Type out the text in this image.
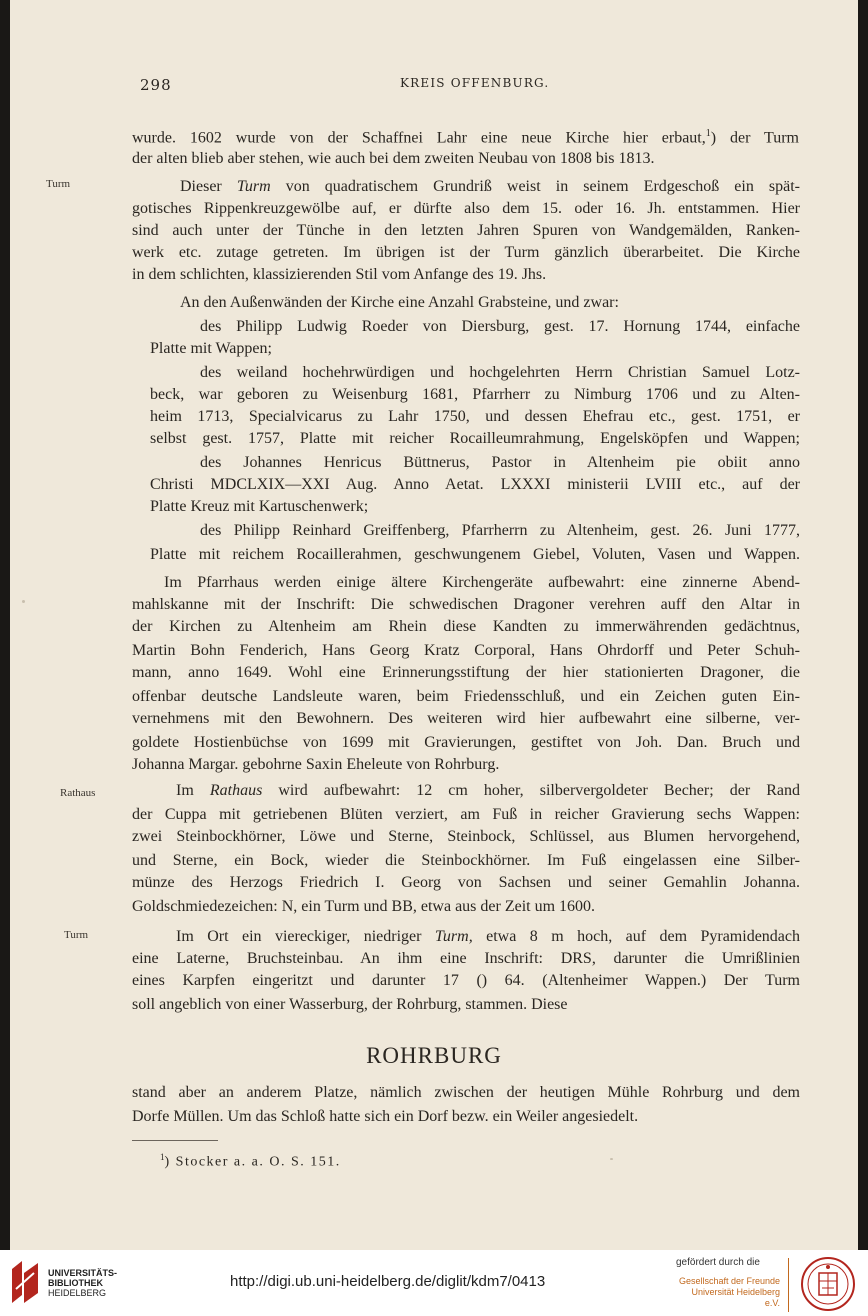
298	KREIS OFFENBURG.
Turm
Rathaus
Turm
wurde. 1602 wurde von der Schaffnei Lahr eine neue Kirche hier erbaut,$^1$) der Turm
der alten blieb aber stehen, wie auch bei dem zweiten Neubau von 1808 bis 1813.
Dieser Turm von quadratischem Grundriß weist in seinem Erdgeschoß ein spät-
gotisches Rippenkreuzgewölbe auf, er dürfte also dem 15. oder 16. Jh. entstammen. Hier
sind auch unter der Tünche in den letzten Jahren Spuren von Wandgemälden, Ranken-
werk etc. zutage getreten. Im übrigen ist der Turm gänzlich überarbeitet. Die Kirche
in dem schlichten, klassizierenden Stil vom Anfange des 19. Jhs.
An den Außenwänden der Kirche eine Anzahl Grabsteine, und zwar:
des Philipp Ludwig Roeder von Diersburg, gest. 17. Hornung 1744, einfache
Platte mit Wappen;
des weiland hochehrwürdigen und hochgelehrten Herrn Christian Samuel Lotz-
beck, war geboren zu Weisenburg 1681, Pfarrherr zu Nimburg 1706 und zu Alten-
heim 1713, Specialvicarus zu Lahr 1750, und dessen Ehefrau etc., gest. 1751, er
selbst gest. 1757, Platte mit reicher Rocailleumrahmung, Engelsköpfen und Wappen;
des Johannes Henricus Büttnerus, Pastor in Altenheim pie obiit anno
Christi MDCLXIX—XXI Aug. Anno Aetat. LXXXI ministerii LVIII etc., auf der
Platte Kreuz mit Kartuschenwerk;
des Philipp Reinhard Greiffenberg, Pfarrherrn zu Altenheim, gest. 26. Juni 1777,
Platte mit reichem Rocaillerahmen, geschwungenem Giebel, Voluten, Vasen und Wappen.
Im Pfarrhaus werden einige ältere Kirchengeräte aufbewahrt: eine zinnerne Abend-
mahlskanne mit der Inschrift: Die schwedischen Dragoner verehren auff den Altar in
der Kirchen zu Altenheim am Rhein diese Kandten zu immerwährenden gedächtnus,
Martin Bohn Fenderich, Hans Georg Kratz Corporal, Hans Ohrdorff und Peter Schuh-
mann, anno 1649. Wohl eine Erinnerungsstiftung der hier stationierten Dragoner, die
offenbar deutsche Landsleute waren, beim Friedensschluß, und ein Zeichen guten Ein-
vernehmens mit den Bewohnern. Des weiteren wird hier aufbewahrt eine silberne, ver-
goldete Hostienbüchse von 1699 mit Gravierungen, gestiftet von Joh. Dan. Bruch und
Johanna Margar. gebohrne Saxin Eheleute von Rohrburg.
Im Rathaus wird aufbewahrt: 12 cm hoher, silbervergoldeter Becher; der Rand
der Cuppa mit getriebenen Blüten verziert, am Fuß in reicher Gravierung sechs Wappen:
zwei Steinbockhörner, Löwe und Sterne, Steinbock, Schlüssel, aus Blumen hervorgehend,
und Sterne, ein Bock, wieder die Steinbockhörner. Im Fuß eingelassen eine Silber-
münze des Herzogs Friedrich I. Georg von Sachsen und seiner Gemahlin Johanna.
Goldschmiedezeichen: N, ein Turm und BB, etwa aus der Zeit um 1600.
Im Ort ein viereckiger, niedriger Turm, etwa 8 m hoch, auf dem Pyramidendach
eine Laterne, Bruchsteinbau. An ihm eine Inschrift: DRS, darunter die Umrißlinien
eines Karpfen eingeritzt und darunter 17 () 64. (Altenheimer Wappen.) Der Turm
soll angeblich von einer Wasserburg, der Rohrburg, stammen. Diese
stand aber an anderem Platze, nämlich zwischen der heutigen Mühle Rohrburg und dem
Dorfe Müllen. Um das Schloß hatte sich ein Dorf bezw. ein Weiler angesiedelt.
ROHRBURG
$^1$) Stocker a. a. O. S. 151.
UNIVERSITÄTS-
BIBLIOTHEK
HEIDELBERG
http://digi.ub.uni-heidelberg.de/diglit/kdm7/0413
gefördert durch die
Gesellschaft der Freunde
Universität Heidelberg e.V.
